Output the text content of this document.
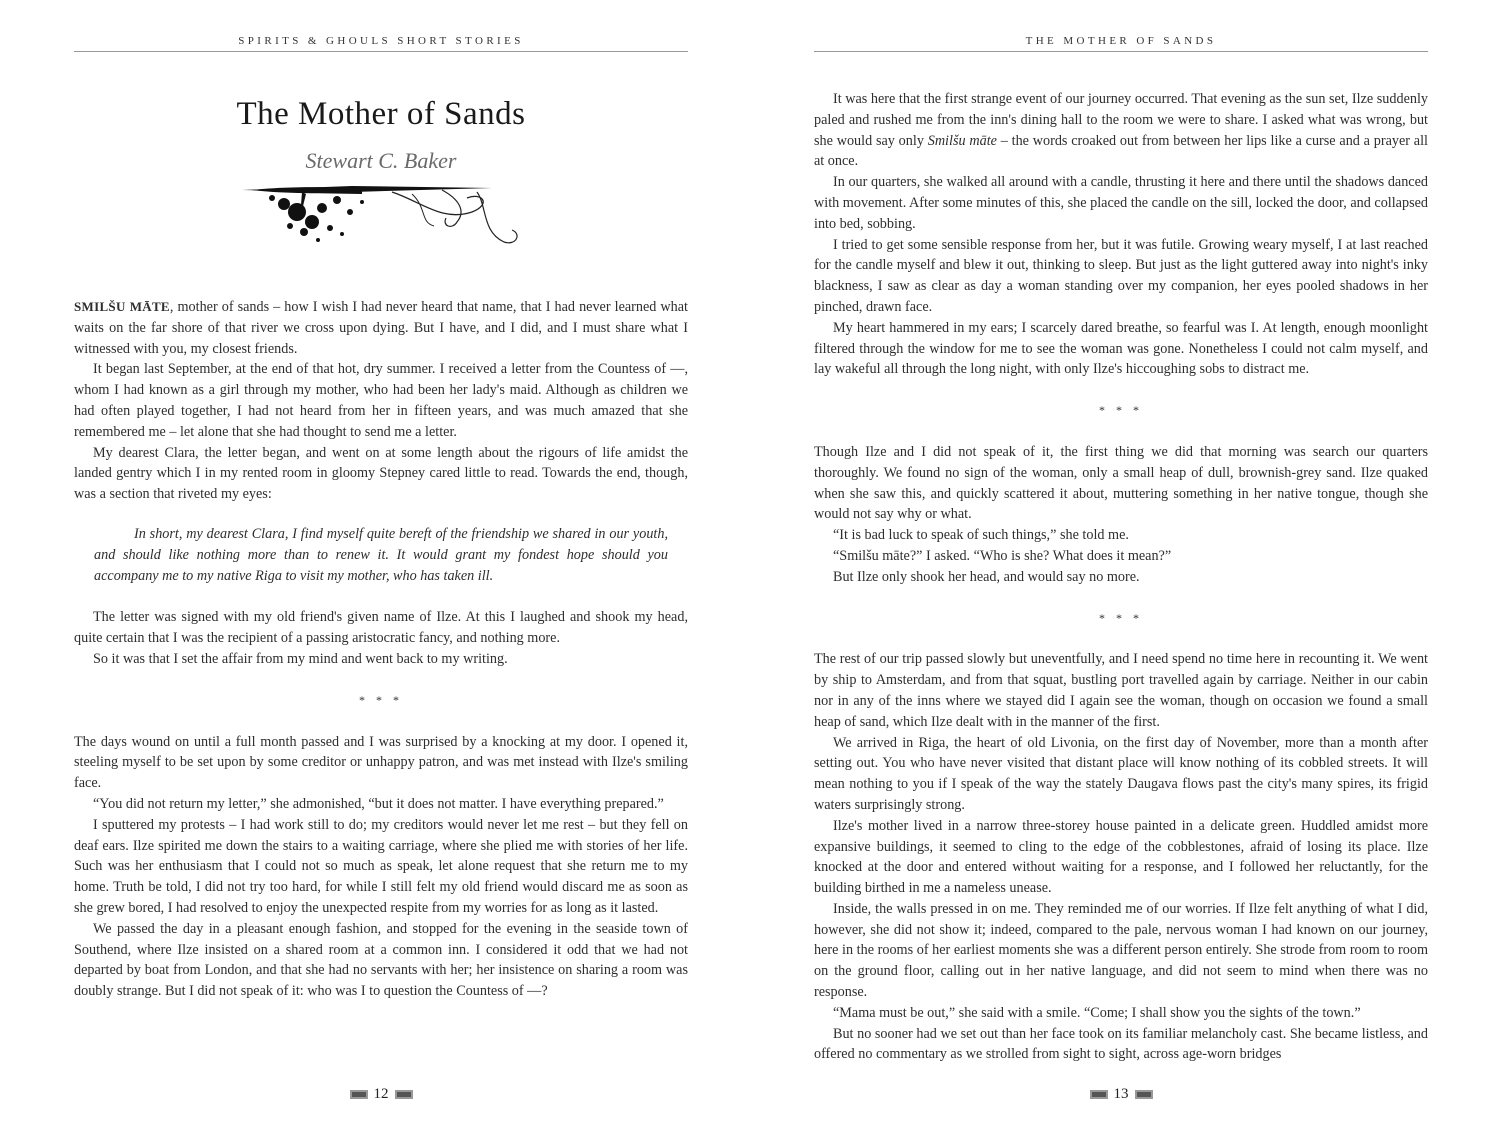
SPIRITS & GHOULS SHORT STORIES
The Mother of Sands
Stewart C. Baker

SMILŠU MĀTE, mother of sands – how I wish I had never heard that name, that I had never learned what waits on the far shore of that river we cross upon dying. But I have, and I did, and I must share what I witnessed with you, my closest friends.

It began last September, at the end of that hot, dry summer. I received a letter from the Countess of —, whom I had known as a girl through my mother, who had been her lady's maid. Although as children we had often played together, I had not heard from her in fifteen years, and was much amazed that she remembered me – let alone that she had thought to send me a letter.

My dearest Clara, the letter began, and went on at some length about the rigours of life amidst the landed gentry which I in my rented room in gloomy Stepney cared little to read. Towards the end, though, was a section that riveted my eyes:

In short, my dearest Clara, I find myself quite bereft of the friendship we shared in our youth, and should like nothing more than to renew it. It would grant my fondest hope should you accompany me to my native Riga to visit my mother, who has taken ill.

The letter was signed with my old friend's given name of Ilze. At this I laughed and shook my head, quite certain that I was the recipient of a passing aristocratic fancy, and nothing more.

So it was that I set the affair from my mind and went back to my writing.

* * *

The days wound on until a full month passed and I was surprised by a knocking at my door. I opened it, steeling myself to be set upon by some creditor or unhappy patron, and was met instead with Ilze's smiling face.

“You did not return my letter,” she admonished, “but it does not matter. I have everything prepared.”

I sputtered my protests – I had work still to do; my creditors would never let me rest – but they fell on deaf ears. Ilze spirited me down the stairs to a waiting carriage, where she plied me with stories of her life. Such was her enthusiasm that I could not so much as speak, let alone request that she return me to my home. Truth be told, I did not try too hard, for while I still felt my old friend would discard me as soon as she grew bored, I had resolved to enjoy the unexpected respite from my worries for as long as it lasted.

We passed the day in a pleasant enough fashion, and stopped for the evening in the seaside town of Southend, where Ilze insisted on a shared room at a common inn. I considered it odd that we had not departed by boat from London, and that she had no servants with her; her insistence on sharing a room was doubly strange. But I did not speak of it: who was I to question the Countess of —?

12
THE MOTHER OF SANDS

It was here that the first strange event of our journey occurred. That evening as the sun set, Ilze suddenly paled and rushed me from the inn's dining hall to the room we were to share. I asked what was wrong, but she would say only Smilšu māte – the words croaked out from between her lips like a curse and a prayer all at once.

In our quarters, she walked all around with a candle, thrusting it here and there until the shadows danced with movement. After some minutes of this, she placed the candle on the sill, locked the door, and collapsed into bed, sobbing.

I tried to get some sensible response from her, but it was futile. Growing weary myself, I at last reached for the candle myself and blew it out, thinking to sleep. But just as the light guttered away into night's inky blackness, I saw as clear as day a woman standing over my companion, her eyes pooled shadows in her pinched, drawn face.

My heart hammered in my ears; I scarcely dared breathe, so fearful was I. At length, enough moonlight filtered through the window for me to see the woman was gone. Nonetheless I could not calm myself, and lay wakeful all through the long night, with only Ilze's hiccoughing sobs to distract me.

* * *

Though Ilze and I did not speak of it, the first thing we did that morning was search our quarters thoroughly. We found no sign of the woman, only a small heap of dull, brownish-grey sand. Ilze quaked when she saw this, and quickly scattered it about, muttering something in her native tongue, though she would not say why or what.

“It is bad luck to speak of such things,” she told me.

“Smilšu māte?” I asked. “Who is she? What does it mean?”

But Ilze only shook her head, and would say no more.

* * *

The rest of our trip passed slowly but uneventfully, and I need spend no time here in recounting it. We went by ship to Amsterdam, and from that squat, bustling port travelled again by carriage. Neither in our cabin nor in any of the inns where we stayed did I again see the woman, though on occasion we found a small heap of sand, which Ilze dealt with in the manner of the first.

We arrived in Riga, the heart of old Livonia, on the first day of November, more than a month after setting out. You who have never visited that distant place will know nothing of its cobbled streets. It will mean nothing to you if I speak of the way the stately Daugava flows past the city's many spires, its frigid waters surprisingly strong.

Ilze's mother lived in a narrow three-storey house painted in a delicate green. Huddled amidst more expansive buildings, it seemed to cling to the edge of the cobblestones, afraid of losing its place. Ilze knocked at the door and entered without waiting for a response, and I followed her reluctantly, for the building birthed in me a nameless unease.

Inside, the walls pressed in on me. They reminded me of our worries. If Ilze felt anything of what I did, however, she did not show it; indeed, compared to the pale, nervous woman I had known on our journey, here in the rooms of her earliest moments she was a different person entirely. She strode from room to room on the ground floor, calling out in her native language, and did not seem to mind when there was no response.

“Mama must be out,” she said with a smile. “Come; I shall show you the sights of the town.”

But no sooner had we set out than her face took on its familiar melancholy cast. She became listless, and offered no commentary as we strolled from sight to sight, across age-worn bridges

13
